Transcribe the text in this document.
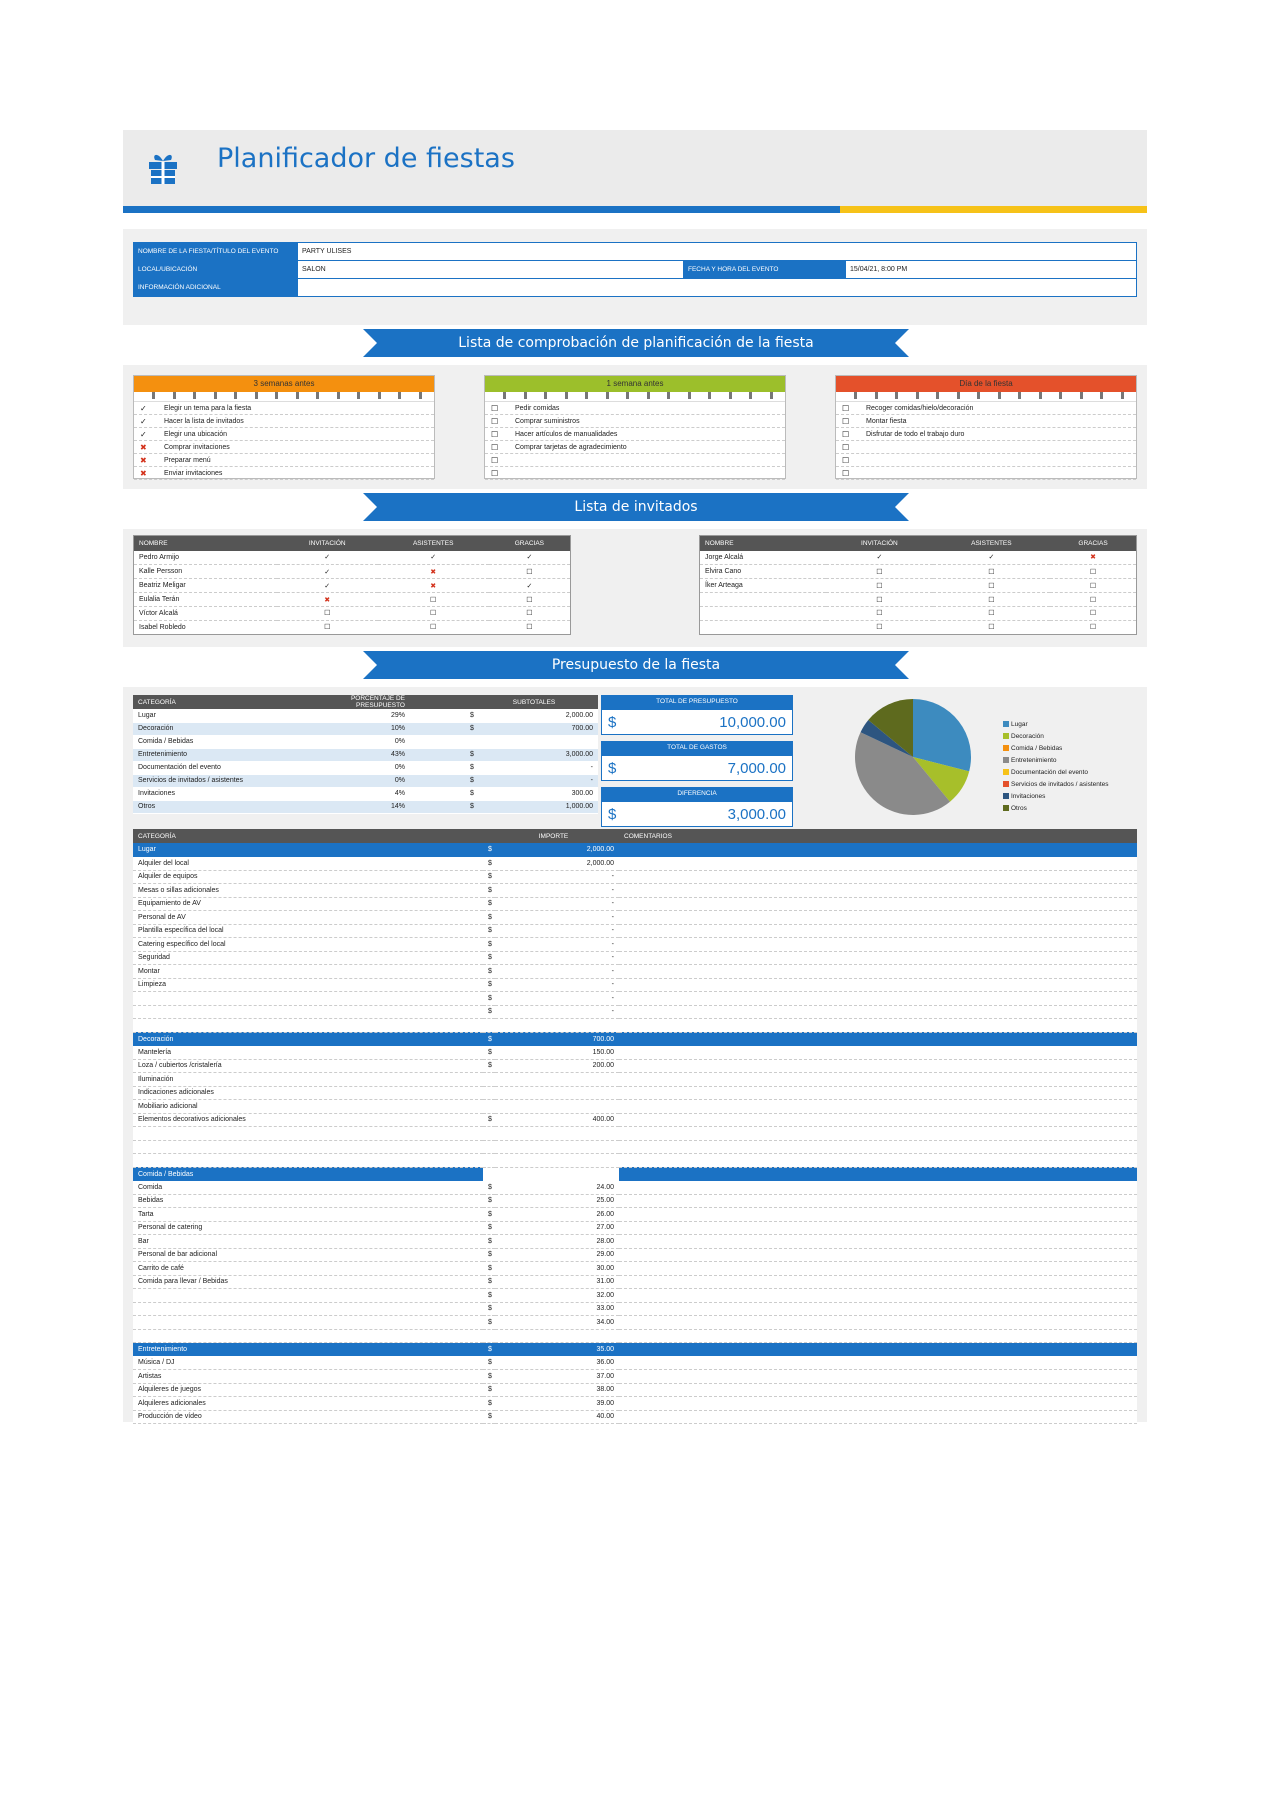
Planificador de fiestas
NOMBRE DE LA FIESTA/TÍTULO DEL EVENTO	PARTY ULISES		
LOCAL/UBICACIÓN	SALON	FECHA Y HORA DEL EVENTO	15/04/21, 8:00 PM
INFORMACIÓN ADICIONAL			
Lista de comprobación de planificación de la fiesta
3 semanas antes
✓	Elegir un tema para la fiesta
✓	Hacer la lista de invitados
✓	Elegir una ubicación
✖	Comprar invitaciones
✖	Preparar menú
✖	Enviar invitaciones
1 semana antes
☐	Pedir comidas
☐	Comprar suministros
☐	Hacer artículos de manualidades
☐	Comprar tarjetas de agradecimiento
☐
☐
Día de la fiesta
☐	Recoger comidas/hielo/decoración
☐	Montar fiesta
☐	Disfrutar de todo el trabajo duro
☐
☐
☐
Lista de invitados
NOMBRE	INVITACIÓN	ASISTENTES	GRACIAS
Pedro Armijo	✓	✓	✓
Kalle Persson	✓	✖	☐
Beatriz Meligar	✓	✖	✓
Eulalia Terán	✖	☐	☐
Víctor Alcalá	☐	☐	☐
Isabel Robledo	☐	☐	☐
NOMBRE	INVITACIÓN	ASISTENTES	GRACIAS
Jorge Alcalá	✓	✓	✖
Elvira Cano	☐	☐	☐
Íker Arteaga	☐	☐	☐
	☐	☐	☐
	☐	☐	☐
	☐	☐	☐
Presupuesto de la fiesta
CATEGORÍA	PORCENTAJE DE PRESUPUESTO	SUBTOTALES	
Lugar	29%	$	2,000.00
Decoración	10%	$	700.00
Comida / Bebidas	0%		
Entretenimiento	43%	$	3,000.00
Documentación del evento	0%	$	-
Servicios de invitados / asistentes	0%	$	-
Invitaciones	4%	$	300.00
Otros	14%	$	1,000.00
TOTAL DE PRESUPUESTO
$	10,000.00
TOTAL DE GASTOS
$	7,000.00
DIFERENCIA
$	3,000.00
Lugar
Decoración
Comida / Bebidas
Entretenimiento
Documentación del evento
Servicios de invitados / asistentes
Invitaciones
Otros
CATEGORÍA	IMPORTE		COMENTARIOS
Lugar	$	2,000.00	
Alquiler del local	$	2,000.00	
Alquiler de equipos	$	-	
Mesas o sillas adicionales	$	-	
Equipamiento de AV	$	-	
Personal de AV	$	-	
Plantilla específica del local	$	-	
Catering específico del local	$	-	
Seguridad	$	-	
Montar	$	-	
Limpieza	$	-	
	$	-	
	$	-	

Decoración	$	700.00	
Mantelería	$	150.00	
Loza / cubiertos /cristalería	$	200.00	
Iluminación			
Indicaciones adicionales			
Mobiliario adicional			
Elementos decorativos adicionales	$	400.00	

Comida / Bebidas			
Comida	$	24.00	
Bebidas	$	25.00	
Tarta	$	26.00	
Personal de catering	$	27.00	
Bar	$	28.00	
Personal de bar adicional	$	29.00	
Carrito de café	$	30.00	
Comida para llevar / Bebidas	$	31.00	
	$	32.00	
	$	33.00	
	$	34.00	

Entretenimiento	$	35.00	
Música / DJ	$	36.00	
Artistas	$	37.00	
Alquileres de juegos	$	38.00	
Alquileres adicionales	$	39.00	
Producción de vídeo	$	40.00	
